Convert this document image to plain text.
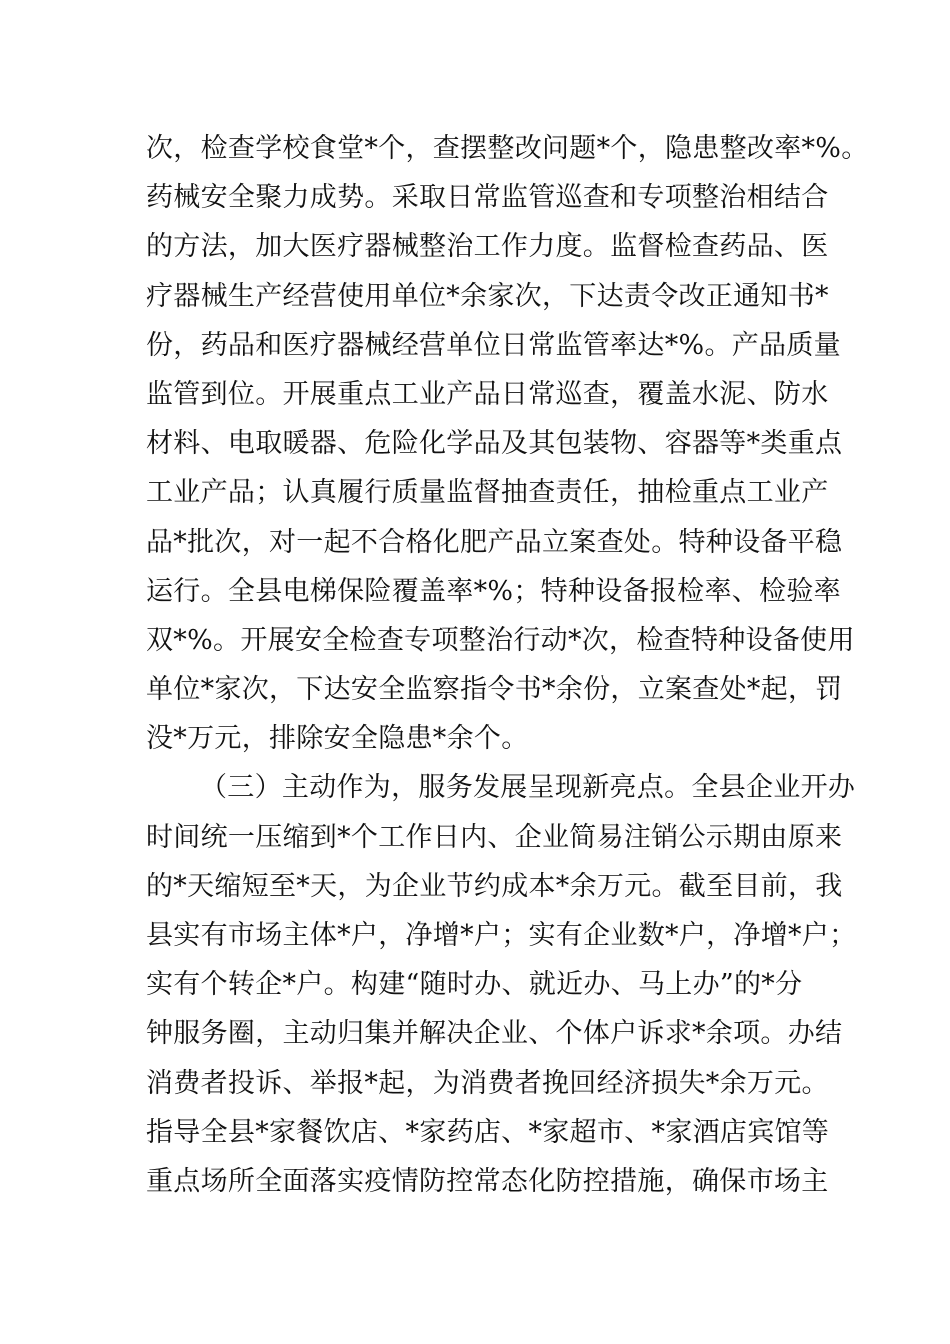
次，检查学校食堂*个，查摆整改问题*个，隐患整改率*%。
药械安全聚力成势。采取日常监管巡查和专项整治相结合
的方法，加大医疗器械整治工作力度。监督检查药品、医
疗器械生产经营使用单位*余家次，下达责令改正通知书*
份，药品和医疗器械经营单位日常监管率达*%。产品质量
监管到位。开展重点工业产品日常巡查，覆盖水泥、防水
材料、电取暖器、危险化学品及其包装物、容器等*类重点
工业产品；认真履行质量监督抽查责任，抽检重点工业产
品*批次，对一起不合格化肥产品立案查处。特种设备平稳
运行。全县电梯保险覆盖率*%；特种设备报检率、检验率
双*%。开展安全检查专项整治行动*次，检查特种设备使用
单位*家次，下达安全监察指令书*余份，立案查处*起，罚
没*万元，排除安全隐患*余个。
（三）主动作为，服务发展呈现新亮点。全县企业开办
时间统一压缩到*个工作日内、企业简易注销公示期由原来
的*天缩短至*天，为企业节约成本*余万元。截至目前，我
县实有市场主体*户，净增*户；实有企业数*户，净增*户；
实有个转企*户。构建“随时办、就近办、马上办”的*分
钟服务圈，主动归集并解决企业、个体户诉求*余项。办结
消费者投诉、举报*起，为消费者挽回经济损失*余万元。
指导全县*家餐饮店、*家药店、*家超市、*家酒店宾馆等
重点场所全面落实疫情防控常态化防控措施，确保市场主
